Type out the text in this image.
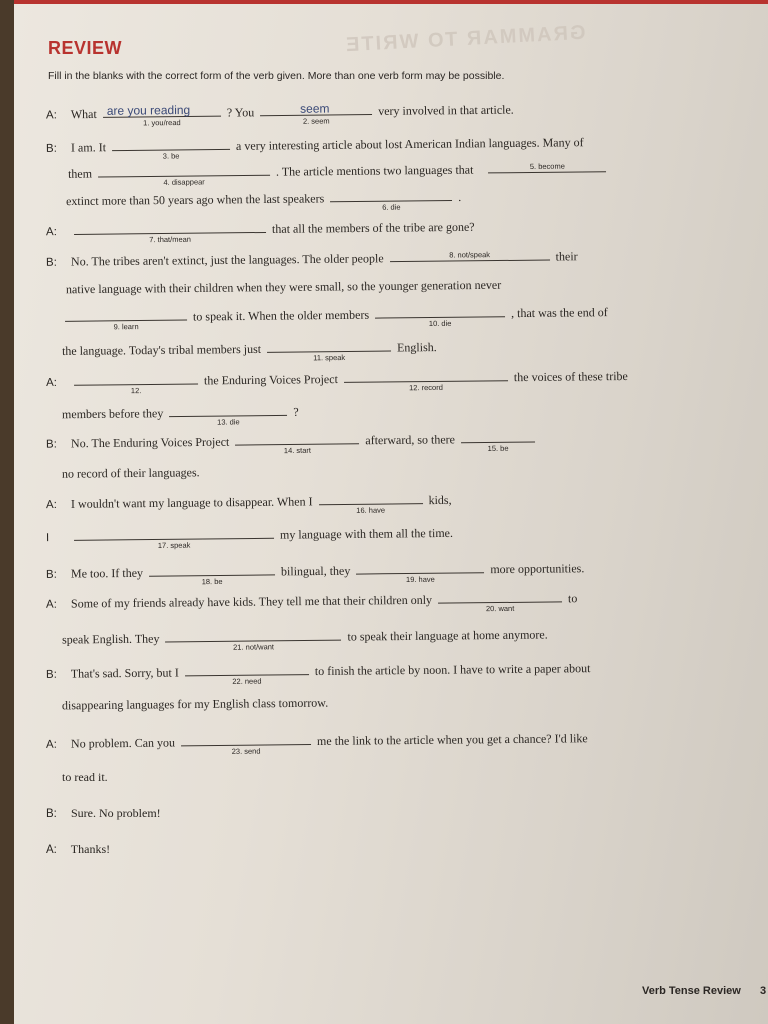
GRAMMAR TO WRITE
REVIEW
Fill in the blanks with the correct form of the verb given. More than one verb form may be possible.
A: What are you reading
1. you/read
? You	seem
2. seem
very involved in that article.
B: I am. It
3. be
a very interesting article about lost American Indian languages. Many of
them
4. disappear
. The article mentions two languages that	5. become
extinct more than 50 years ago when the last speakers	6. die
.
A:
7. that/mean
that all the members of the tribe are gone?
B: No. The tribes aren't extinct, just the languages. The older people	8. not/speak	their
native language with their children when they were small, so the younger generation never
9. learn
to speak it. When the older members	10. die
, that was the end of
the language. Today's tribal members just	11. speak
English.
A:
12.
the Enduring Voices Project
12. record
the voices of these tribe
members before they
13. die
?
B: No. The Enduring Voices Project
14. start
afterward, so there
15. be
no record of their languages.
A: I wouldn't want my language to disappear. When I	16. have
kids,
I
17. speak
my language with them all the time.
B: Me too. If they
18. be
bilingual, they
19. have
more opportunities.
A: Some of my friends already have kids. They tell me that their children only	20. want
to
speak English. They
21. not/want
to speak their language at home anymore.
B: That's sad. Sorry, but I
22. need
to finish the article by noon. I have to write a paper about
disappearing languages for my English class tomorrow.
A: No problem. Can you
23. send
me the link to the article when you get a chance? I'd like
to read it.
B: Sure. No problem!
A: Thanks!
Verb Tense Review 3
